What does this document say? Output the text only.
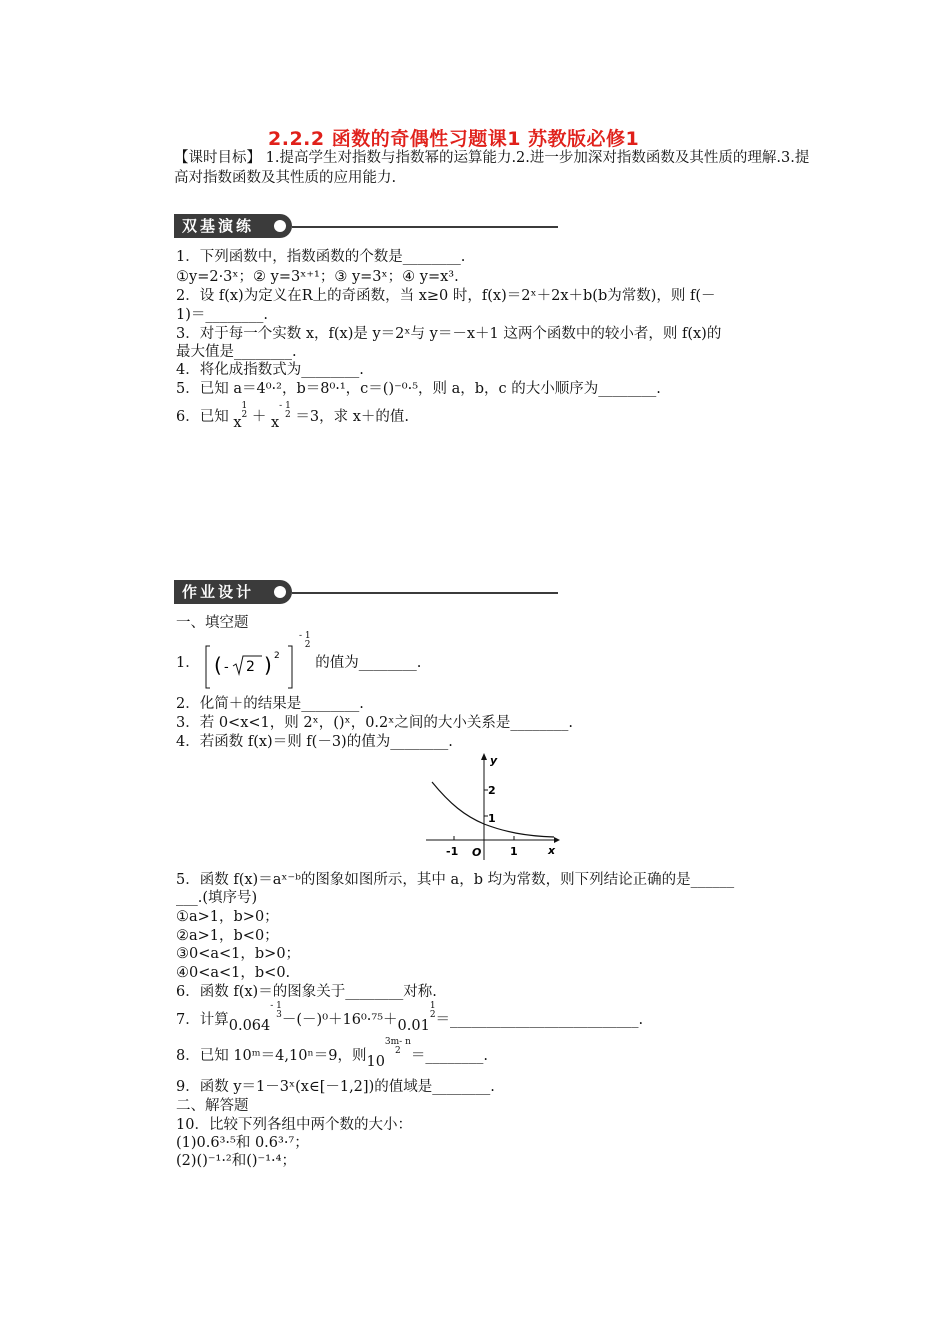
2.2.2 函数的奇偶性习题课1 苏教版必修1
【课时目标】 1.提高学生对指数与指数幂的运算能力.2.进一步加深对指数函数及其性质的理解.3.提高对指数函数及其性质的应用能力.
双基演练
1．下列函数中，指数函数的个数是________.
①y=2·3ˣ；② y=3ˣ⁺¹；③ y=3ˣ；④ y=x³.
2．设 f(x)为定义在R上的奇函数，当 x≥0 时，f(x)＝2ˣ＋2x＋b(b为常数)，则 f(－
1)＝________.
3．对于每一个实数 x，f(x)是 y＝2ˣ与 y＝－x＋1 这两个函数中的较小者，则 f(x)的
最大值是________.
4．将化成指数式为________.
5．已知 a＝4⁰·²，b＝8⁰·¹，c＝()⁻⁰·⁵，则 a，b，c 的大小顺序为________.
6．已知 x1
2 ＋ x- 1
2 ＝3，求 x＋的值.
作业设计
一、填空题
1． ( - 2 ) 2
- 1
2 的值为________.
2．化简＋的结果是________.
3．若 0<x<1，则 2ˣ，()ˣ，0.2ˣ之间的大小关系是________.
4．若函数 f(x)＝则 f(－3)的值为________.
y
x
O
2
1
-1	1
5．函数 f(x)＝aˣ⁻ᵇ的图象如图所示，其中 a，b 均为常数，则下列结论正确的是______
___.(填序号)
①a>1，b>0；
②a>1，b<0；
③0<a<1，b>0；
④0<a<1，b<0.
6．函数 f(x)＝的图象关于________对称.
7．计算0.064- 1
3－(－)⁰＋16⁰·⁷⁵＋0.011
2＝__________________________.
8．已知 10ᵐ＝4,10ⁿ＝9，则103m- n
2 ＝________.
9．函数 y＝1－3ˣ(x∈[－1,2])的值域是________.
二、解答题
10．比较下列各组中两个数的大小：
(1)0.6³·⁵和 0.6³·⁷；
(2)()⁻¹·²和()⁻¹·⁴；
